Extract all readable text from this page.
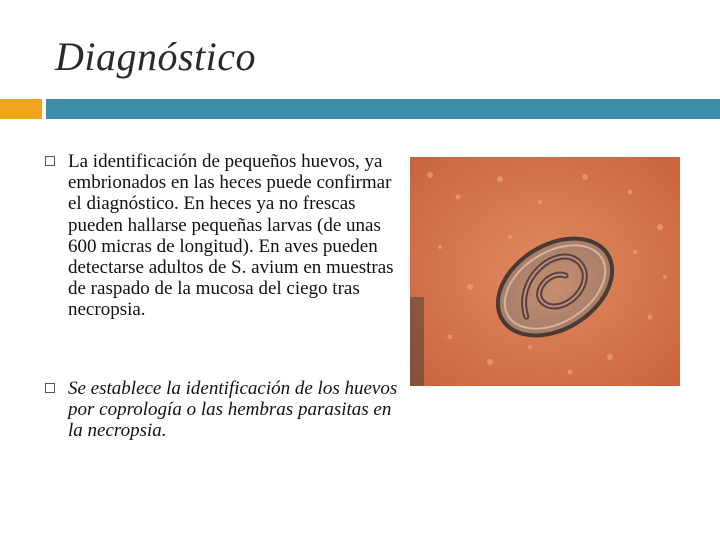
Diagnóstico

La identificación de pequeños huevos, ya embrionados en las heces puede confirmar el diagnóstico. En heces ya no frescas pueden hallarse pequeñas larvas (de unas 600 micras de longitud). En aves pueden detectarse adultos de S. avium en muestras de raspado de la mucosa del ciego tras necropsia.

Se establece la identificación de los huevos por coprología o las hembras parasitas en la necropsia.
